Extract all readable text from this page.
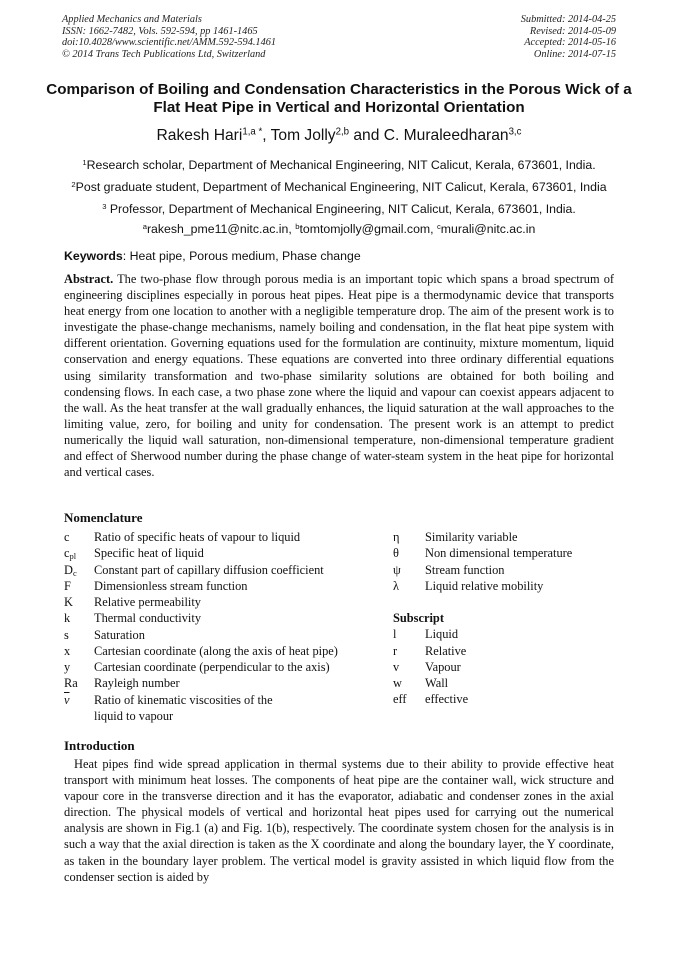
Applied Mechanics and Materials
ISSN: 1662-7482, Vols. 592-594, pp 1461-1465
doi:10.4028/www.scientific.net/AMM.592-594.1461
© 2014 Trans Tech Publications Ltd, Switzerland
Submitted: 2014-04-25
Revised: 2014-05-09
Accepted: 2014-05-16
Online: 2014-07-15
Comparison of Boiling and Condensation Characteristics in the Porous Wick of a Flat Heat Pipe in Vertical and Horizontal Orientation
Rakesh Hari$^{1,a *}$, Tom Jolly$^{2,b}$ and C. Muraleedharan$^{3,c}$
$^1$Research scholar, Department of Mechanical Engineering, NIT Calicut, Kerala, 673601, India.
$^2$Post graduate student, Department of Mechanical Engineering, NIT Calicut, Kerala, 673601, India
$^3$ Professor, Department of Mechanical Engineering, NIT Calicut, Kerala, 673601, India.
$^a$rakesh_pme11@nitc.ac.in, $^b$tomtomjolly@gmail.com, $^c$murali@nitc.ac.in
Keywords: Heat pipe, Porous medium, Phase change
Abstract. The two-phase flow through porous media is an important topic which spans a broad spectrum of engineering disciplines especially in porous heat pipes. Heat pipe is a thermodynamic device that transports heat energy from one location to another with a negligible temperature drop. The aim of the present work is to investigate the phase-change mechanisms, namely boiling and condensation, in the flat heat pipe system with different orientation. Governing equations used for the formulation are continuity, mixture momentum, liquid conservation and energy equations. These equations are converted into three ordinary differential equations using similarity transformation and two-phase similarity solutions are obtained for both boiling and condensing flows. In each case, a two phase zone where the liquid and vapour can coexist appears adjacent to the wall. As the heat transfer at the wall gradually enhances, the liquid saturation at the wall approaches to the limiting value, zero, for boiling and unity for condensation. The present work is an attempt to predict numerically the liquid wall saturation, non-dimensional temperature, non-dimensional temperature gradient and effect of Sherwood number during the phase change of water-steam system in the heat pipe for horizontal and vertical cases.
Nomenclature
c	Ratio of specific heats of vapour to liquid
$c_{pl}$	Specific heat of liquid
$D_c$	Constant part of capillary diffusion coefficient
F	Dimensionless stream function
K	Relative permeability
k	Thermal conductivity
s	Saturation
x	Cartesian coordinate (along the axis of heat pipe)
y	Cartesian coordinate (perpendicular to the axis)
Ra	Rayleigh number
$\overline{\nu}$	Ratio of kinematic viscosities of the
liquid to vapour
η	Similarity variable
θ	Non dimensional temperature
ψ	Stream function
λ	Liquid relative mobility
Subscript
l	Liquid
r	Relative
v	Vapour
w	Wall
eff	effective
Introduction
Heat pipes find wide spread application in thermal systems due to their ability to provide effective heat transport with minimum heat losses. The components of heat pipe are the container wall, wick structure and vapour core in the transverse direction and it has the evaporator, adiabatic and condenser zones in the axial direction. The physical models of vertical and horizontal heat pipes used for carrying out the numerical analysis are shown in Fig.1 (a) and Fig. 1(b), respectively. The coordinate system chosen for the analysis is in such a way that the axial direction is taken as the X coordinate and along the boundary layer, the Y coordinate, as taken in the boundary layer problem. The vertical model is gravity assisted in which liquid flow from the condenser section is aided by
